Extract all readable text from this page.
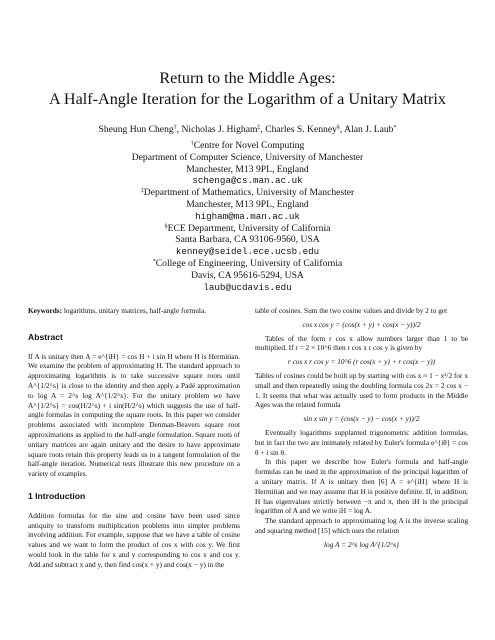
Return to the Middle Ages:
A Half-Angle Iteration for the Logarithm of a Unitary Matrix
Sheung Hun Cheng†, Nicholas J. Higham‡, Charles S. Kenney§, Alan J. Laub*
†Centre for Novel Computing
Department of Computer Science, University of Manchester
Manchester, M13 9PL, England
schenga@cs.man.ac.uk
‡Department of Mathematics, University of Manchester
Manchester, M13 9PL, England
higham@ma.man.ac.uk
§ECE Department, University of California
Santa Barbara, CA 93106-9560, USA
kenney@seidel.ece.ucsb.edu
*College of Engineering, University of California
Davis, CA 95616-5294, USA
laub@ucdavis.edu

Keywords: logarithms, unitary matrices, half-angle formula.

Abstract

If A is unitary then A = e^{iH} = cos H + i sin H where H is Hermitian. We examine the problem of approximating H. The standard approach to approximating logarithms is to take successive square roots until A^{1/2^s} is close to the identity and then apply a Padé approximation to log A = 2^s log A^{1/2^s}. For the unitary problem we have A^{1/2^s} = cos(H/2^s) + i sin(H/2^s) which suggests the use of half-angle formulas in computing the square roots. In this paper we consider problems associated with incomplete Denman-Beavers square root approximations as applied to the half-angle formulation. Square roots of unitary matrices are again unitary and the desire to have approximate square roots retain this property leads us to a tangent formulation of the half-angle iteration. Numerical tests illustrate this new procedure on a variety of examples.

1 Introduction

Addition formulas for the sine and cosine have been used since antiquity to transform multiplication problems into simpler problems involving addition. For example, suppose that we have a table of cosine values and we want to form the product of cos x with cos y. We first would look in the table for x and y corresponding to cos x and cos y. Add and subtract x and y, then find cos(x + y) and cos(x − y) in the

table of cosines. Sum the two cosine values and divide by 2 to get

cos x cos y = (cos(x + y) + cos(x − y))/2

Tables of the form r cos x allow numbers larger than 1 to be multiplied. If r = 2 × 10^6 then r cos x r cos y is given by

r cos x r cos y = 10^6 (r cos(x + y) + r cos(x − y))

Tables of cosines could be built up by starting with cos x ≈ 1 − x²/2 for x small and then repeatedly using the doubling formula cos 2x = 2 cos x − 1. It seems that what was actually used to form products in the Middle Ages was the related formula

sin x sin y = (cos(x − y) − cos(x + y))/2

Eventually logarithms supplanted trigonometric addition formulas, but in fact the two are intimately related by Euler's formula e^{iθ} = cos θ + i sin θ.

In this paper we describe how Euler's formula and half-angle formulas can be used in the approximation of the principal logarithm of a unitary matrix. If A is unitary then [6] A = e^{iH} where H is Hermitian and we may assume that H is positive definite. If, in addition, H has eigenvalues strictly between −π and π, then iH is the principal logarithm of A and we write iH = log A.

The standard approach to approximating log A is the inverse scaling and squaring method [15] which uses the relation

log A = 2^s log A^{1/2^s}
